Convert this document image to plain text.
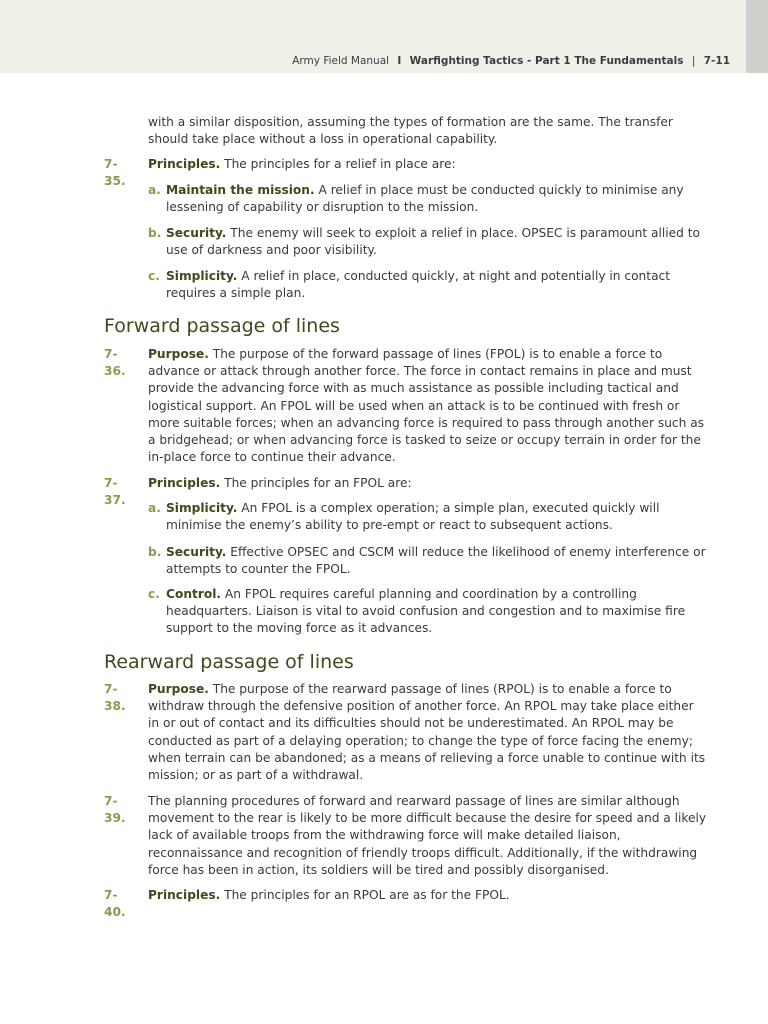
Army Field Manual I Warfighting Tactics - Part 1 The Fundamentals | 7-11
with a similar disposition, assuming the types of formation are the same. The transfer should take place without a loss in operational capability.
7-35.
Principles. The principles for a relief in place are:
a. Maintain the mission. A relief in place must be conducted quickly to minimise any lessening of capability or disruption to the mission.
b. Security. The enemy will seek to exploit a relief in place. OPSEC is paramount allied to use of darkness and poor visibility.
c. Simplicity. A relief in place, conducted quickly, at night and potentially in contact requires a simple plan.
Forward passage of lines
7-36.
Purpose. The purpose of the forward passage of lines (FPOL) is to enable a force to advance or attack through another force. The force in contact remains in place and must provide the advancing force with as much assistance as possible including tactical and logistical support. An FPOL will be used when an attack is to be continued with fresh or more suitable forces; when an advancing force is required to pass through another such as a bridgehead; or when advancing force is tasked to seize or occupy terrain in order for the in-place force to continue their advance.
7-37.
Principles. The principles for an FPOL are:
a. Simplicity. An FPOL is a complex operation; a simple plan, executed quickly will minimise the enemy’s ability to pre-empt or react to subsequent actions.
b. Security. Effective OPSEC and CSCM will reduce the likelihood of enemy interference or attempts to counter the FPOL.
c. Control. An FPOL requires careful planning and coordination by a controlling headquarters. Liaison is vital to avoid confusion and congestion and to maximise fire support to the moving force as it advances.
Rearward passage of lines
7-38.
Purpose. The purpose of the rearward passage of lines (RPOL) is to enable a force to withdraw through the defensive position of another force. An RPOL may take place either in or out of contact and its difficulties should not be underestimated. An RPOL may be conducted as part of a delaying operation; to change the type of force facing the enemy; when terrain can be abandoned; as a means of relieving a force unable to continue with its mission; or as part of a withdrawal.
7-39.
The planning procedures of forward and rearward passage of lines are similar although movement to the rear is likely to be more difficult because the desire for speed and a likely lack of available troops from the withdrawing force will make detailed liaison, reconnaissance and recognition of friendly troops difficult. Additionally, if the withdrawing force has been in action, its soldiers will be tired and possibly disorganised.
7-40.
Principles. The principles for an RPOL are as for the FPOL.
